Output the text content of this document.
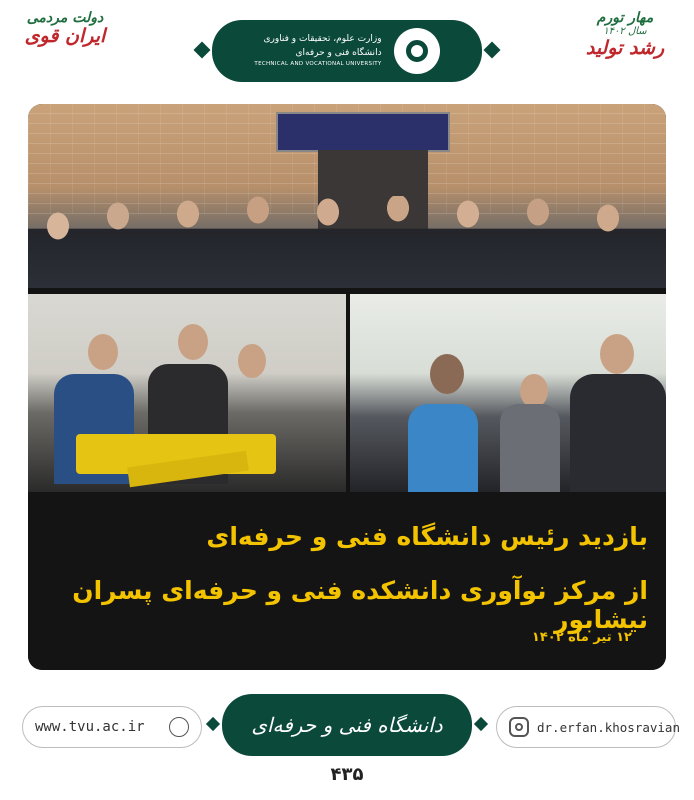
دولت مردمی
ایران قوی	وزارت علوم، تحقیقات و فناوری
دانشگاه فنی و حرفه‌ای
TECHNICAL AND VOCATIONAL UNIVERSITY
مهار تورم
سال ۱۴۰۲
رشد تولید
بازدید رئیس دانشگاه فنی و حرفه‌ای
از مرکز نوآوری دانشکده فنی و حرفه‌ای پسران نیشابور
۱۲ تیر ماه ۱۴۰۲
www.tvu.ac.ir	دانشگاه فنی و حرفه‌ای	dr.erfan.khosravian
۴۳۵
